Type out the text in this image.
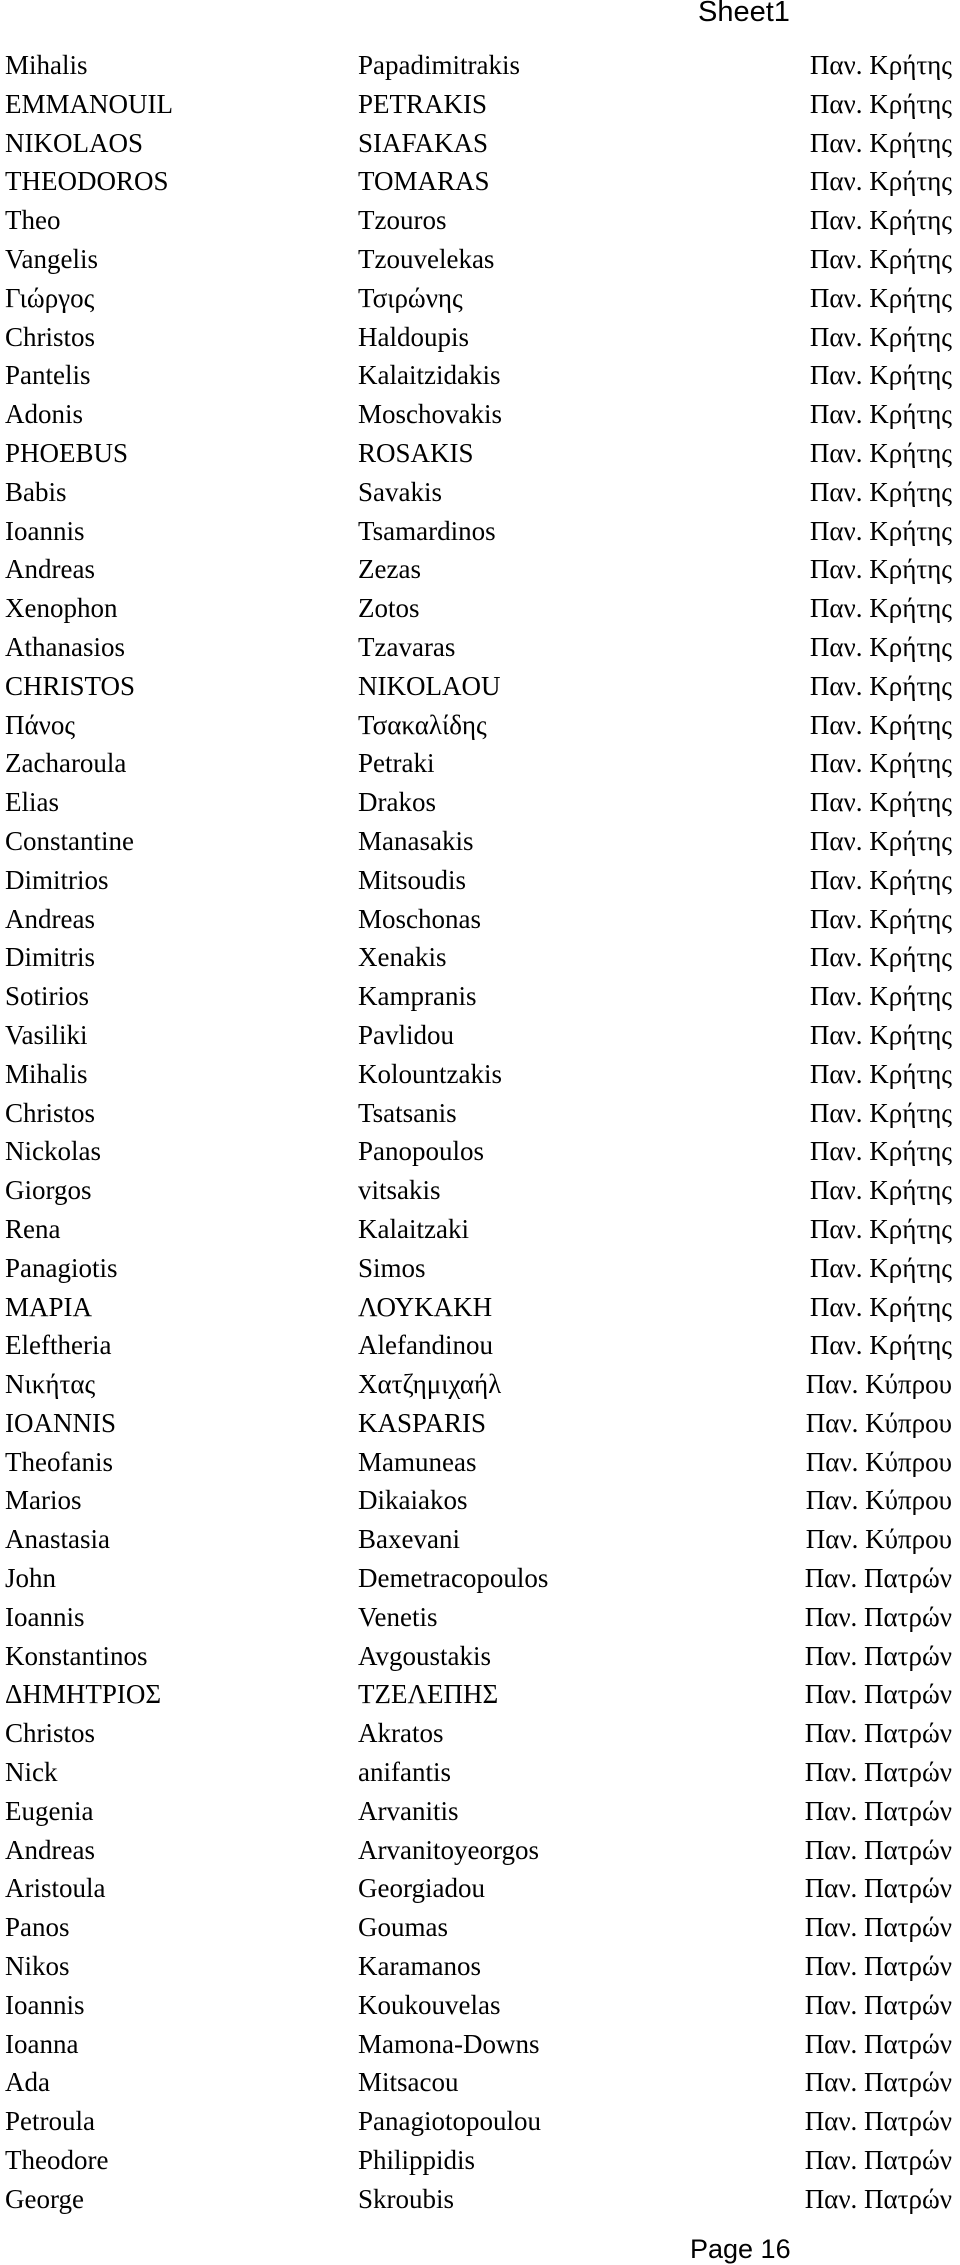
Sheet1
Mihalis	Papadimitrakis	Παν. Κρήτης
EMMANOUIL	PETRAKIS	Παν. Κρήτης
NIKOLAOS	SIAFAKAS	Παν. Κρήτης
THEODOROS	TOMARAS	Παν. Κρήτης
Theo	Tzouros	Παν. Κρήτης
Vangelis	Tzouvelekas	Παν. Κρήτης
Γιώργος	Τσιρώνης	Παν. Κρήτης
Christos	Haldoupis	Παν. Κρήτης
Pantelis	Kalaitzidakis	Παν. Κρήτης
Adonis	Moschovakis	Παν. Κρήτης
PHOEBUS	ROSAKIS	Παν. Κρήτης
Babis	Savakis	Παν. Κρήτης
Ioannis	Tsamardinos	Παν. Κρήτης
Andreas	Zezas	Παν. Κρήτης
Xenophon	Zotos	Παν. Κρήτης
Athanasios	Tzavaras	Παν. Κρήτης
CHRISTOS	NIKOLAOU	Παν. Κρήτης
Πάνος	Τσακαλίδης	Παν. Κρήτης
Zacharoula	Petraki	Παν. Κρήτης
Elias	Drakos	Παν. Κρήτης
Constantine	Manasakis	Παν. Κρήτης
Dimitrios	Mitsoudis	Παν. Κρήτης
Andreas	Moschonas	Παν. Κρήτης
Dimitris	Xenakis	Παν. Κρήτης
Sotirios	Kampranis	Παν. Κρήτης
Vasiliki	Pavlidou	Παν. Κρήτης
Mihalis	Kolountzakis	Παν. Κρήτης
Christos	Tsatsanis	Παν. Κρήτης
Nickolas	Panopoulos	Παν. Κρήτης
Giorgos	vitsakis	Παν. Κρήτης
Rena	Kalaitzaki	Παν. Κρήτης
Panagiotis	Simos	Παν. Κρήτης
ΜΑΡΙΑ	ΛΟΥΚΑΚΗ	Παν. Κρήτης
Eleftheria	Alefandinou	Παν. Κρήτης
Νικήτας	Χατζημιχαήλ	Παν. Κύπρου
IOANNIS	KASPARIS	Παν. Κύπρου
Theofanis	Mamuneas	Παν. Κύπρου
Marios	Dikaiakos	Παν. Κύπρου
Anastasia	Baxevani	Παν. Κύπρου
John	Demetracopoulos	Παν. Πατρών
Ioannis	Venetis	Παν. Πατρών
Konstantinos	Avgoustakis	Παν. Πατρών
ΔΗΜΗΤΡΙΟΣ	ΤΖΕΛΕΠΗΣ	Παν. Πατρών
Christos	Akratos	Παν. Πατρών
Nick	anifantis	Παν. Πατρών
Eugenia	Arvanitis	Παν. Πατρών
Andreas	Arvanitoyeorgos	Παν. Πατρών
Aristoula	Georgiadou	Παν. Πατρών
Panos	Goumas	Παν. Πατρών
Nikos	Karamanos	Παν. Πατρών
Ioannis	Koukouvelas	Παν. Πατρών
Ioanna	Mamona-Downs	Παν. Πατρών
Ada	Mitsacou	Παν. Πατρών
Petroula	Panagiotopoulou	Παν. Πατρών
Theodore	Philippidis	Παν. Πατρών
George	Skroubis	Παν. Πατρών
Page 16
